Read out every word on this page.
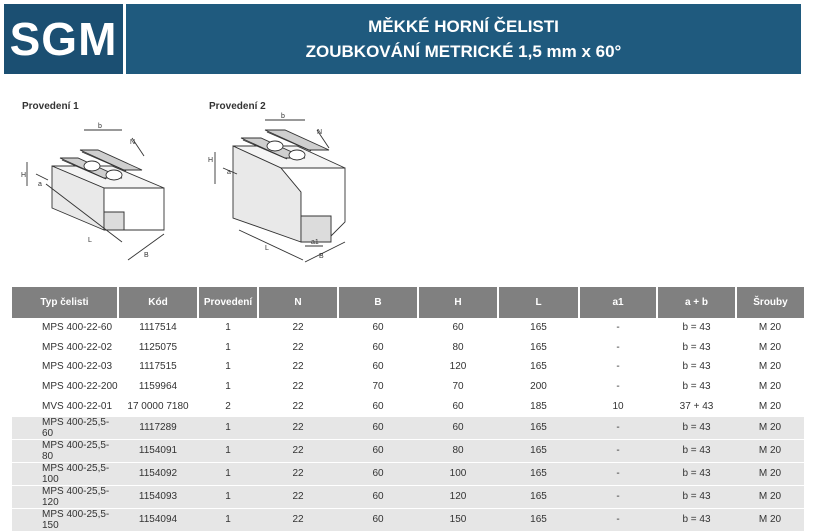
SGM	MĚKKÉ HORNÍ ČELISTI
ZOUBKOVÁNÍ METRICKÉ 1,5 mm x 60°
Provedení 1	Provedení 2
b
N
H
a
L
B
b
N
H
a
L
B
a1
Typ čelisti	Kód	Provedení	N	B	H	L	a1	a + b	Šrouby
MPS 400-22-60	1117514	1	22	60	60	165	-	b = 43	M 20
MPS 400-22-02	1125075	1	22	60	80	165	-	b = 43	M 20
MPS 400-22-03	1117515	1	22	60	120	165	-	b = 43	M 20
MPS 400-22-200	1159964	1	22	70	70	200	-	b = 43	M 20
MVS 400-22-01	17 0000 7180	2	22	60	60	185	10	37 + 43	M 20
MPS 400-25,5-60	1117289	1	22	60	60	165	-	b = 43	M 20
MPS 400-25,5-80	1154091	1	22	60	80	165	-	b = 43	M 20
MPS 400-25,5-100	1154092	1	22	60	100	165	-	b = 43	M 20
MPS 400-25,5-120	1154093	1	22	60	120	165	-	b = 43	M 20
MPS 400-25,5-150	1154094	1	22	60	150	165	-	b = 43	M 20
